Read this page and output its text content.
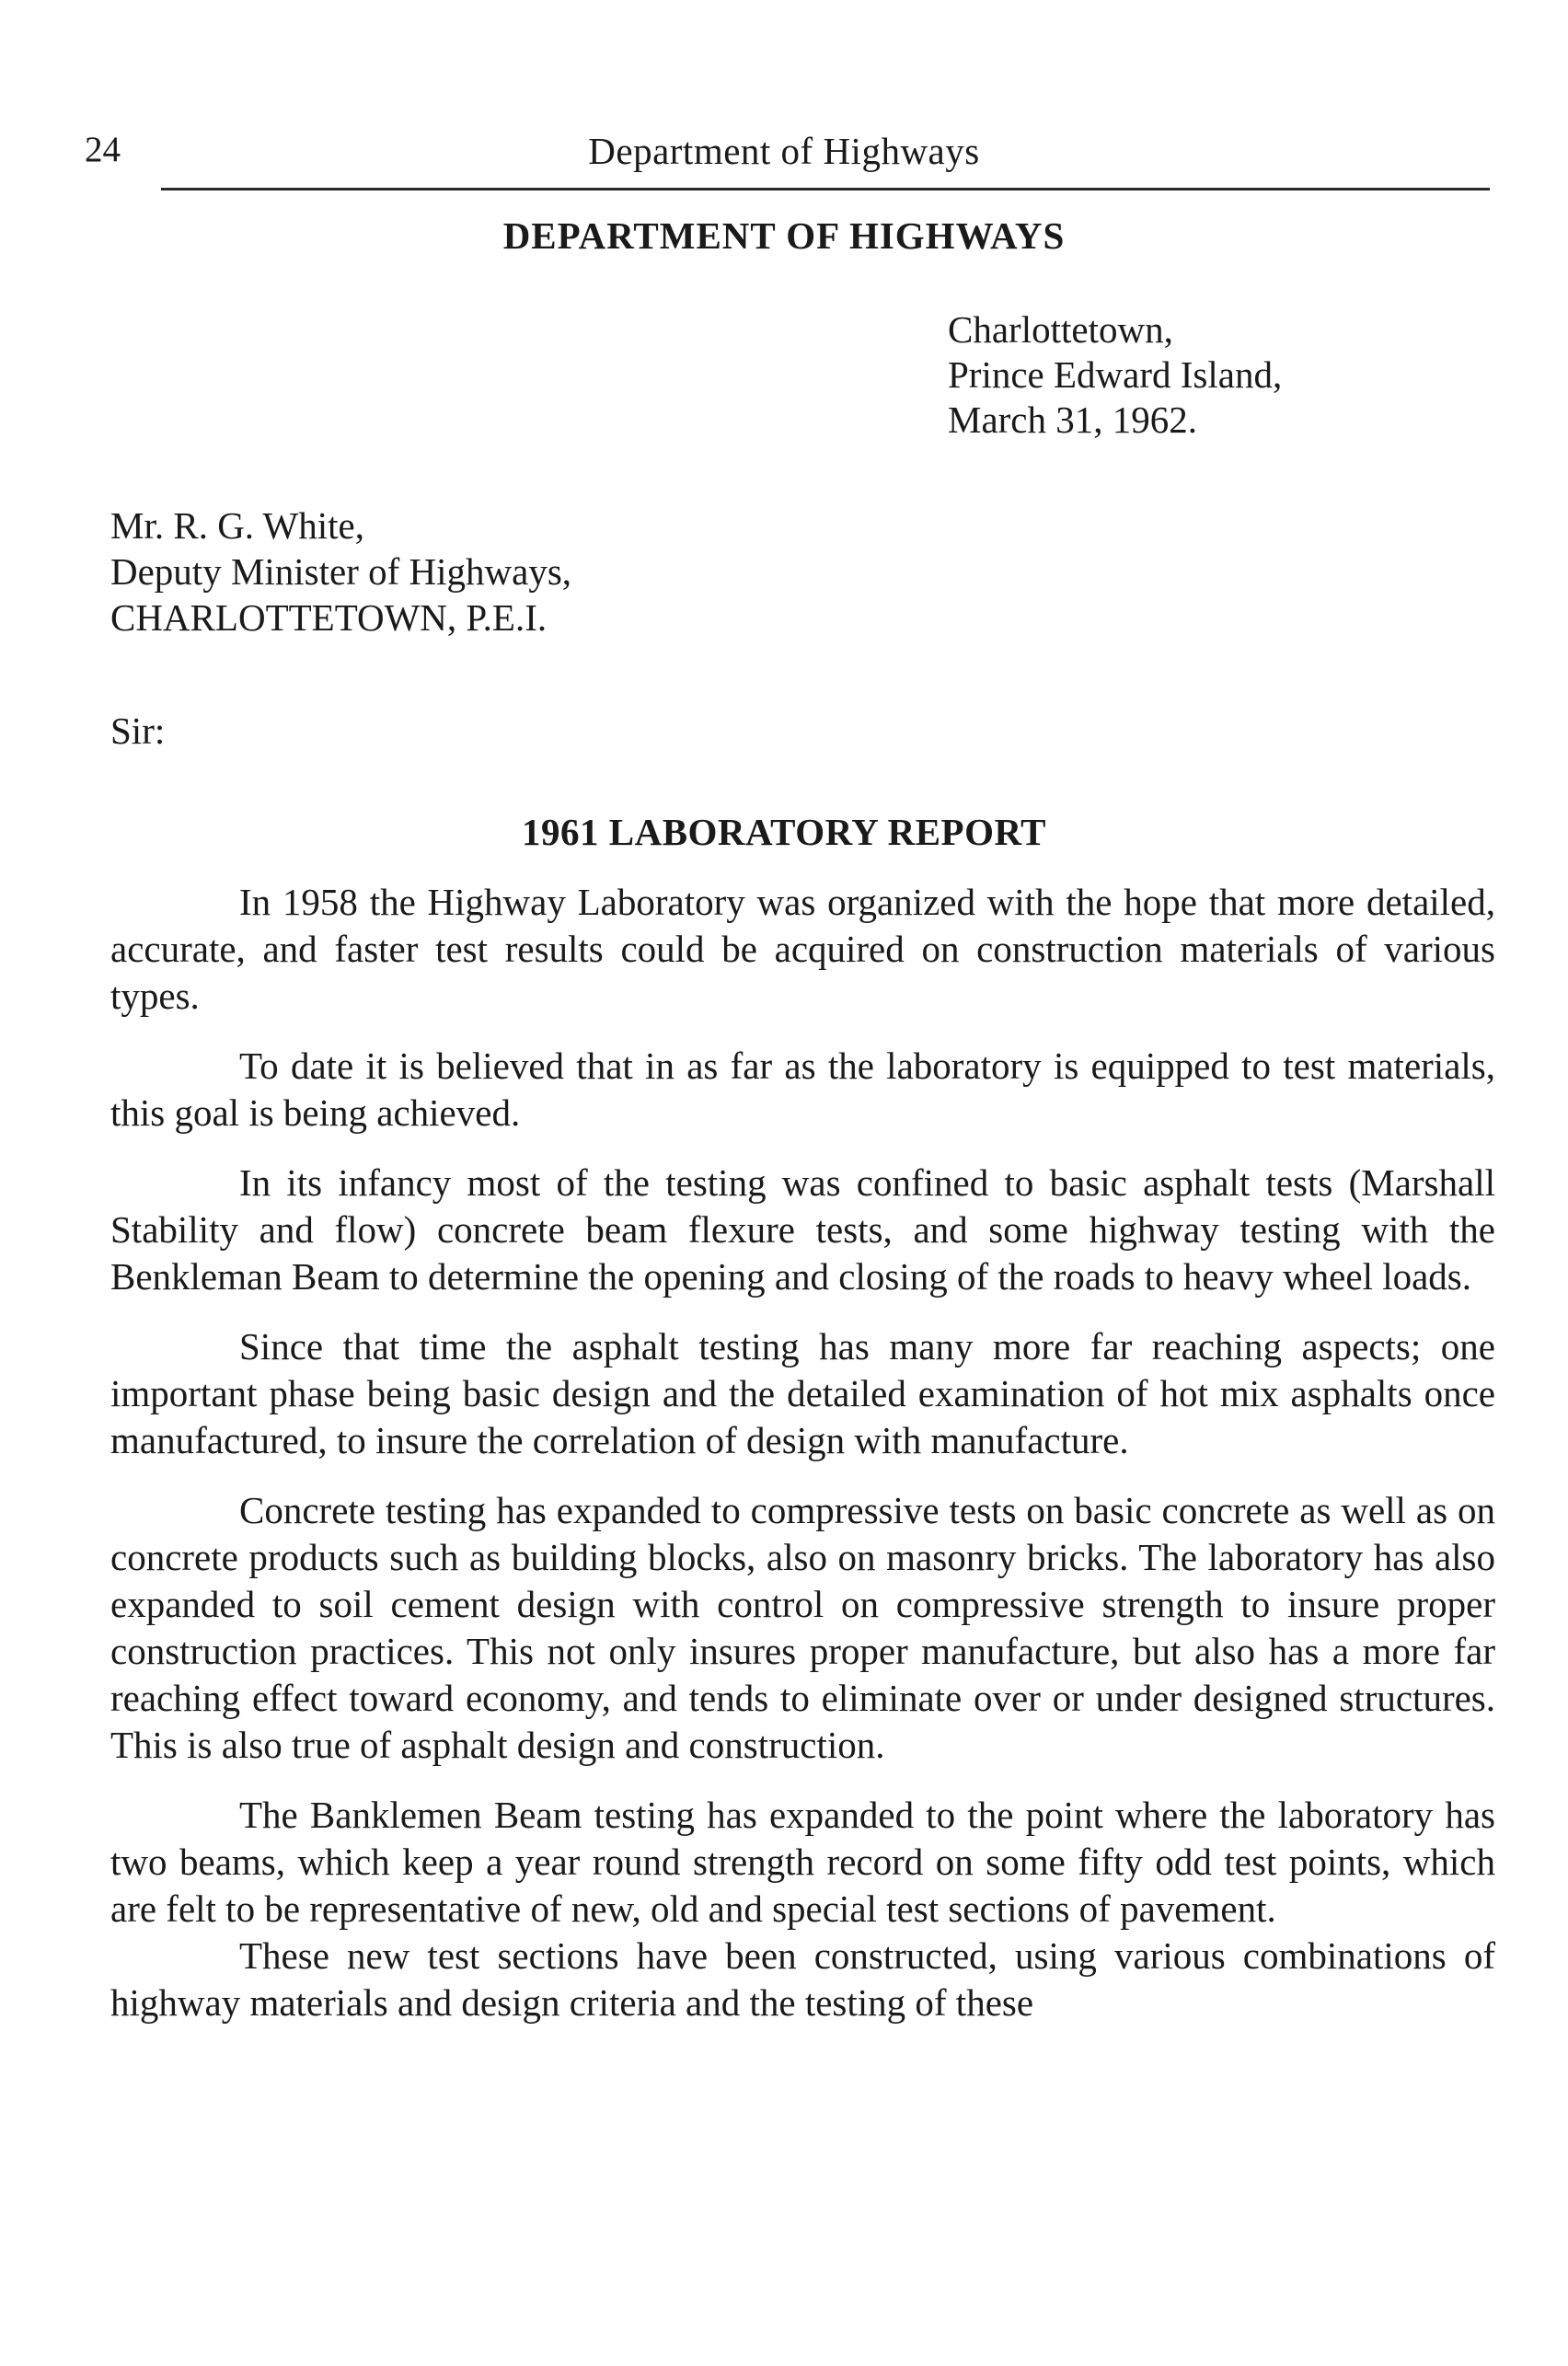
24	Department of Highways

DEPARTMENT OF HIGHWAYS

Charlottetown,
Prince Edward Island,
March 31, 1962.
Mr. R. G. White,
Deputy Minister of Highways,
CHARLOTTETOWN, P.E.I.

Sir:

1961 LABORATORY REPORT

In 1958 the Highway Laboratory was organized with the hope that more detailed, accurate, and faster test results could be acquired on construction materials of various types.

To date it is believed that in as far as the laboratory is equipped to test materials, this goal is being achieved.

In its infancy most of the testing was confined to basic asphalt tests (Marshall Stability and flow) concrete beam flexure tests, and some highway testing with the Benkleman Beam to determine the opening and closing of the roads to heavy wheel loads.

Since that time the asphalt testing has many more far reaching aspects; one important phase being basic design and the detailed examination of hot mix asphalts once manufactured, to insure the correlation of design with manufacture.

Concrete testing has expanded to compressive tests on basic concrete as well as on concrete products such as building blocks, also on masonry bricks. The laboratory has also expanded to soil cement design with control on compressive strength to insure proper construction practices. This not only insures proper manufacture, but also has a more far reaching effect toward economy, and tends to eliminate over or under designed structures. This is also true of asphalt design and construction.

The Banklemen Beam testing has expanded to the point where the laboratory has two beams, which keep a year round strength record on some fifty odd test points, which are felt to be representative of new, old and special test sections of pavement.

These new test sections have been constructed, using various combinations of highway materials and design criteria and the testing of these
